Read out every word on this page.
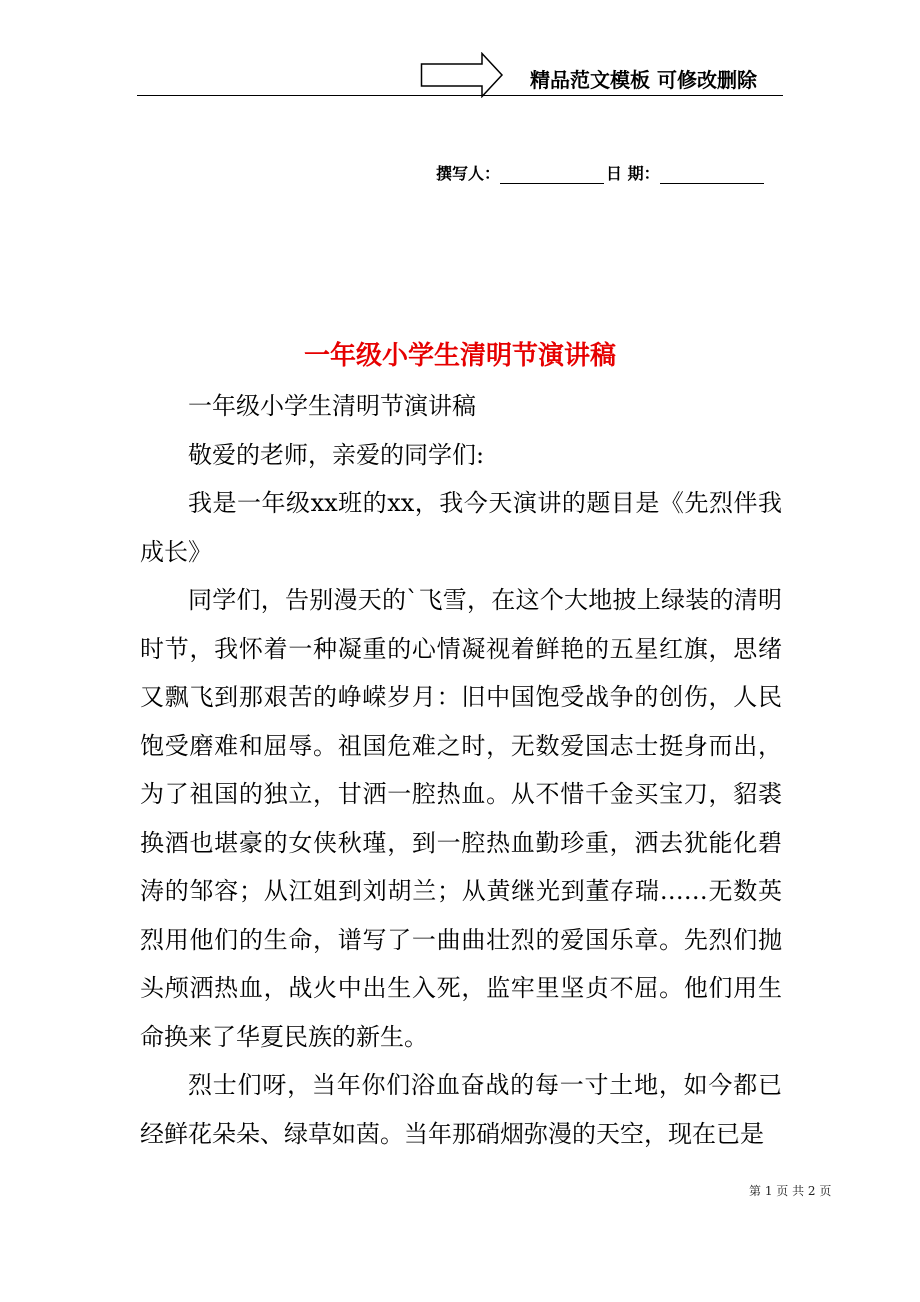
精品范文模板 可修改删除
撰写人：	日 期：
一年级小学生清明节演讲稿

一年级小学生清明节演讲稿

敬爱的老师，亲爱的同学们:

我是一年级xx班的xx，我今天演讲的题目是《先烈伴我成长》

同学们，告别漫天的`飞雪，在这个大地披上绿装的清明时节，我怀着一种凝重的心情凝视着鲜艳的五星红旗，思绪又飘飞到那艰苦的峥嵘岁月：旧中国饱受战争的创伤，人民饱受磨难和屈辱。祖国危难之时，无数爱国志士挺身而出，为了祖国的独立，甘洒一腔热血。从不惜千金买宝刀，貂裘换酒也堪豪的女侠秋瑾，到一腔热血勤珍重，洒去犹能化碧涛的邹容；从江姐到刘胡兰；从黄继光到董存瑞……无数英烈用他们的生命，谱写了一曲曲壮烈的爱国乐章。先烈们抛头颅洒热血，战火中出生入死，监牢里坚贞不屈。他们用生命换来了华夏民族的新生。

烈士们呀，当年你们浴血奋战的每一寸土地，如今都已经鲜花朵朵、绿草如茵。当年那硝烟弥漫的天空，现在已是

第 1 页 共 2 页
